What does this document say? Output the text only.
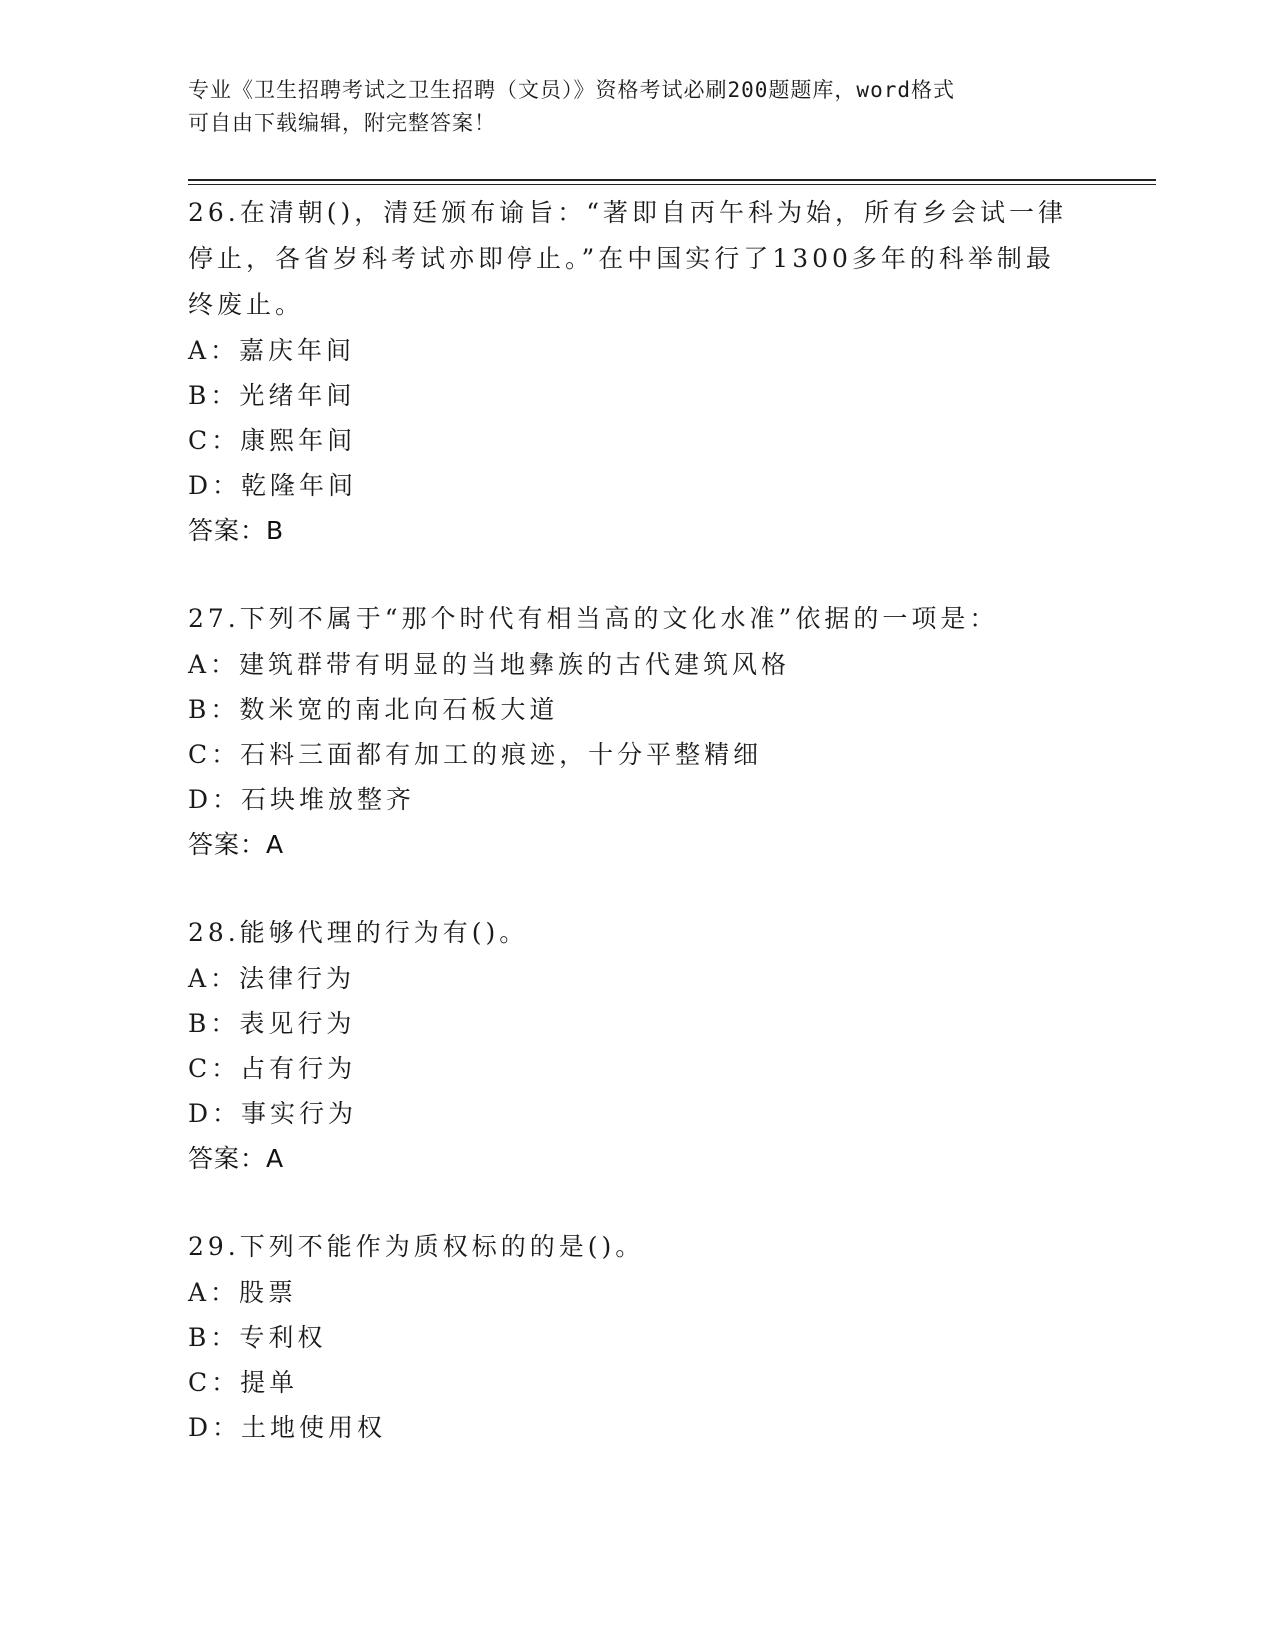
专业《卫生招聘考试之卫生招聘（文员）》资格考试必刷200题题库，word格式
可自由下载编辑，附完整答案！
26.在清朝()，清廷颁布谕旨：“著即自丙午科为始，所有乡会试一律
停止，各省岁科考试亦即停止。”在中国实行了1300多年的科举制最
终废止。
A：嘉庆年间
B：光绪年间
C：康熙年间
D：乾隆年间
答案：B
27.下列不属于“那个时代有相当高的文化水准”依据的一项是：
A：建筑群带有明显的当地彝族的古代建筑风格
B：数米宽的南北向石板大道
C：石料三面都有加工的痕迹，十分平整精细
D：石块堆放整齐
答案：A
28.能够代理的行为有()。
A：法律行为
B：表见行为
C：占有行为
D：事实行为
答案：A
29.下列不能作为质权标的的是()。
A：股票
B：专利权
C：提单
D：土地使用权
